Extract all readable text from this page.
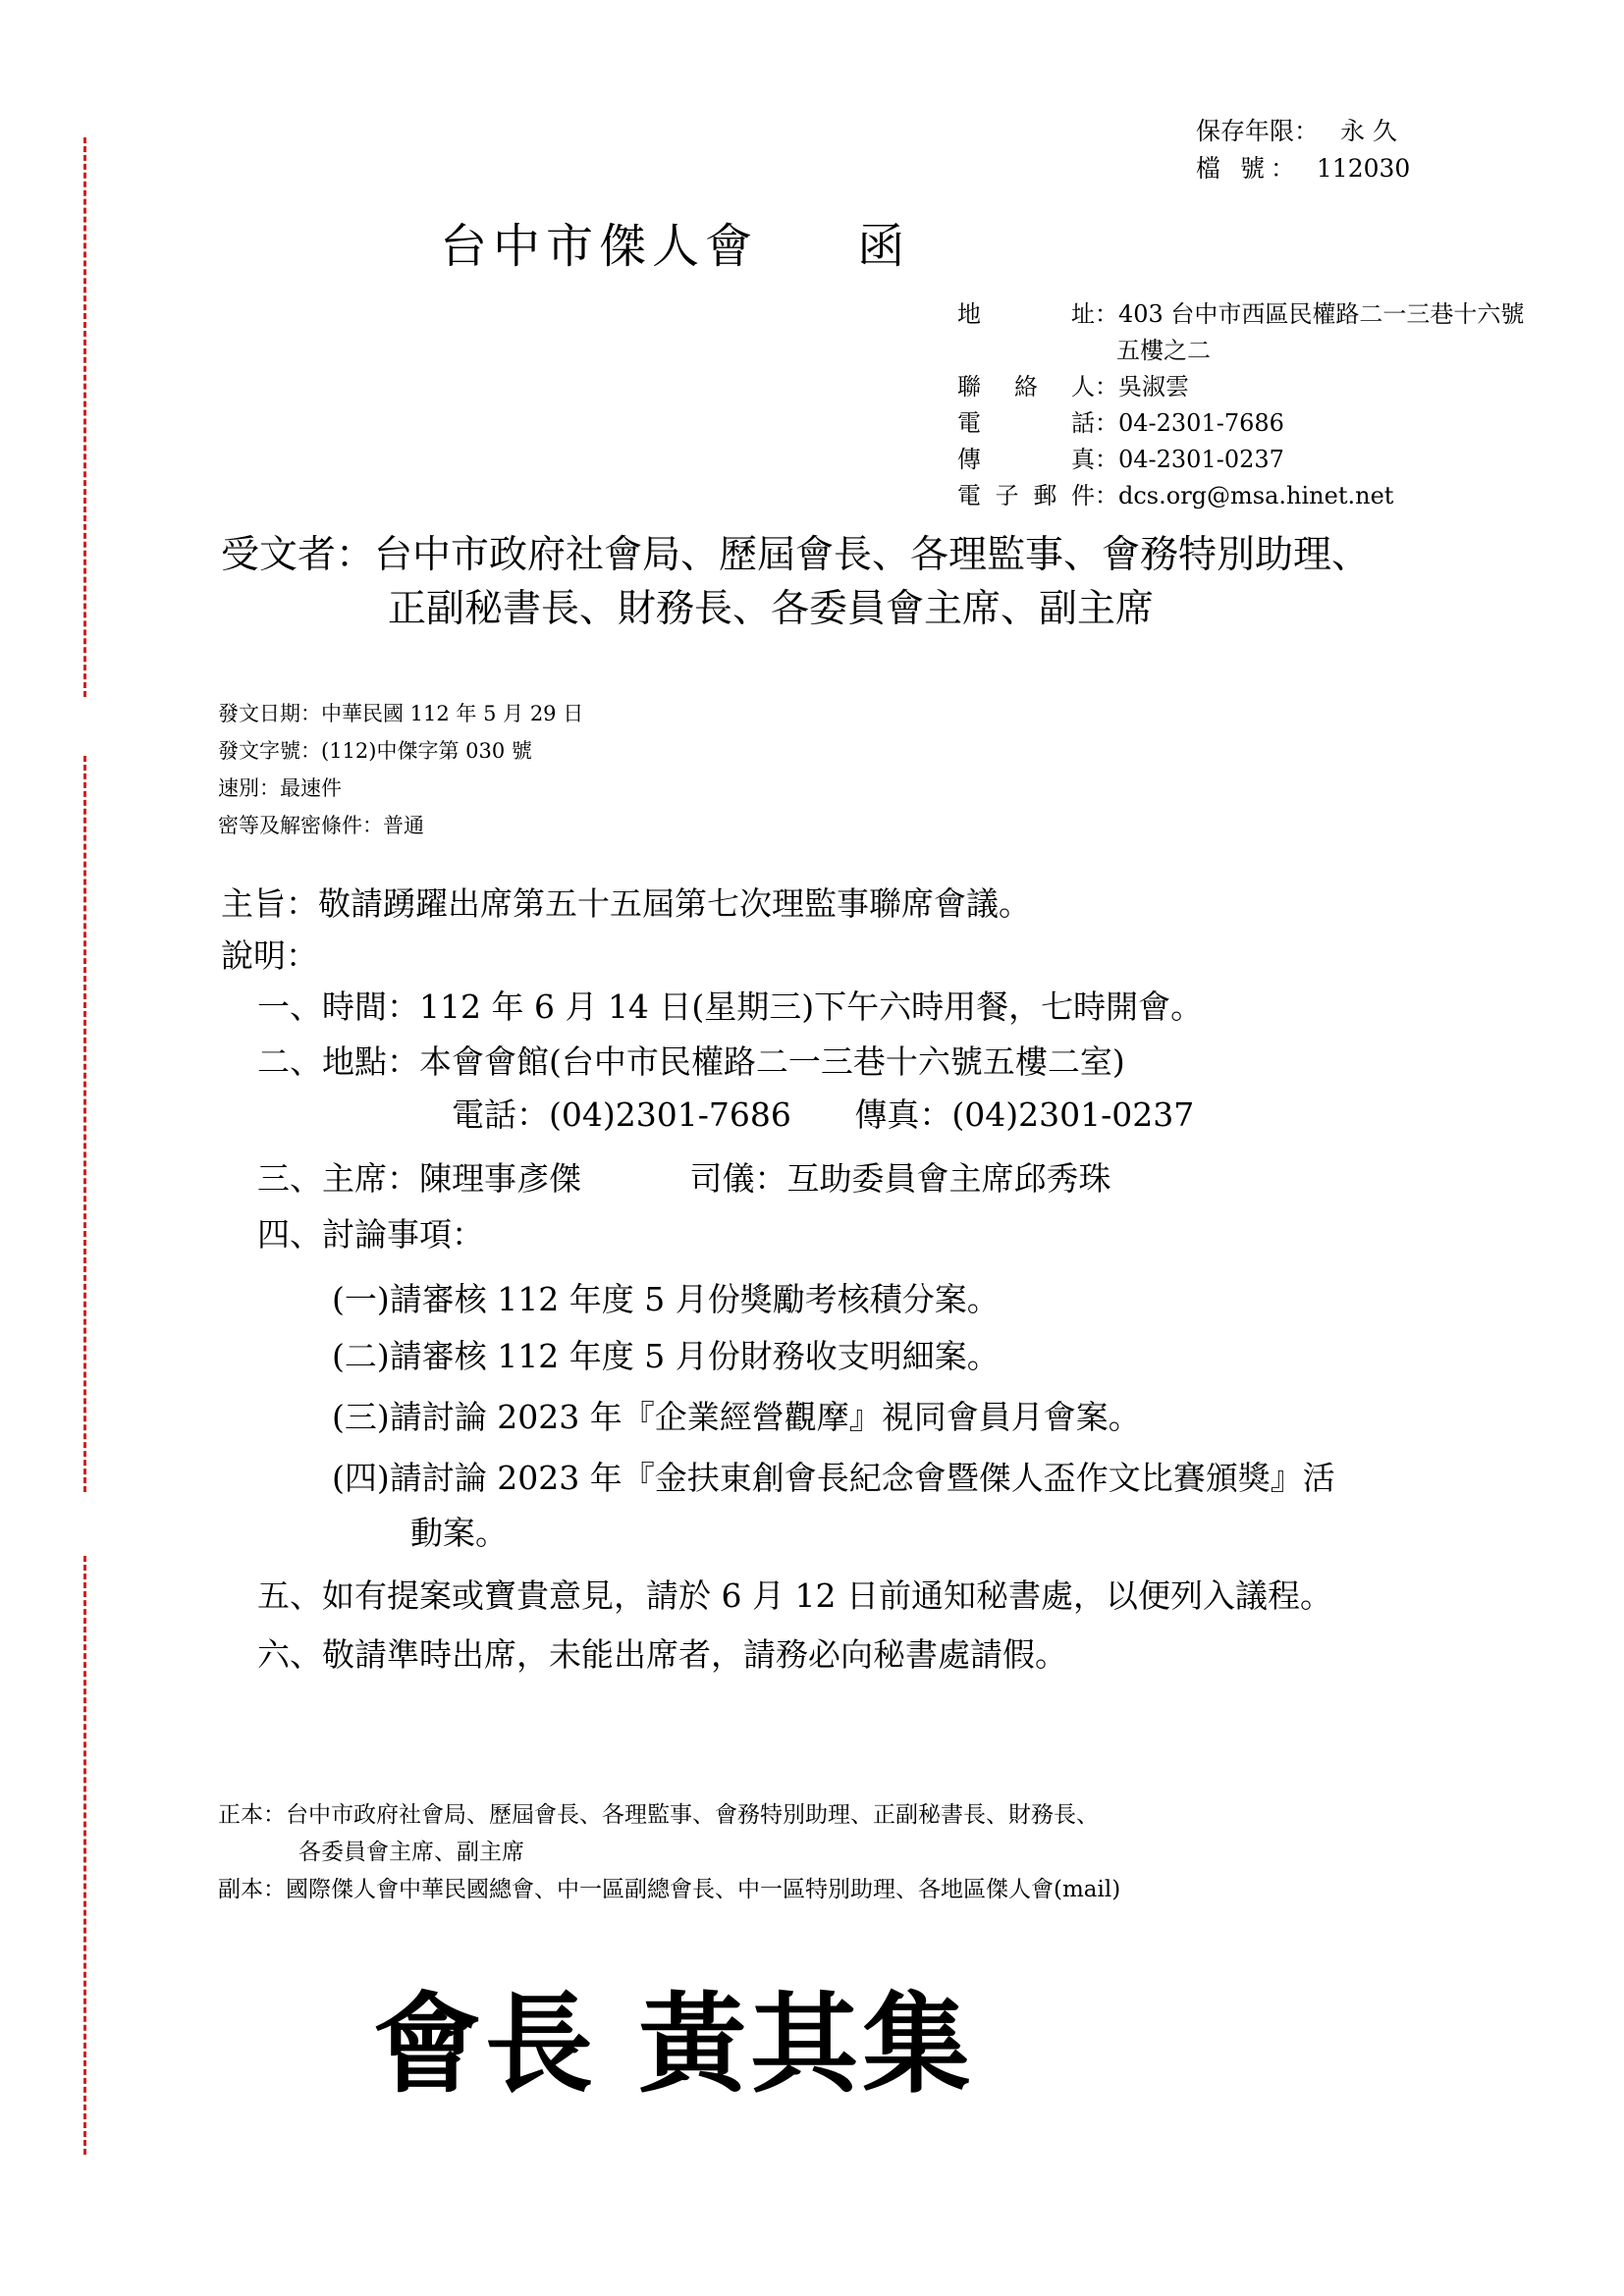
保存年限： 永 久
檔 號： 112030
台中市傑人會 函
地 址：403 台中市西區民權路二一三巷十六號
五樓之二
聯 絡 人：吳淑雲
電 話：04-2301-7686
傳 真：04-2301-0237
電子郵件：dcs.org@msa.hinet.net
受文者：台中市政府社會局、歷屆會長、各理監事、會務特別助理、
正副秘書長、財務長、各委員會主席、副主席
發文日期：中華民國 112 年 5 月 29 日
發文字號：(112)中傑字第 030 號
速別：最速件
密等及解密條件：普通
主旨：敬請踴躍出席第五十五屆第七次理監事聯席會議。
說明：
一、時間：112 年 6 月 14 日(星期三)下午六時用餐，七時開會。
二、地點：本會會館(台中市民權路二一三巷十六號五樓二室)
電話：(04)2301-7686 傳真：(04)2301-0237
三、主席：陳理事彥傑	司儀：互助委員會主席邱秀珠
四、討論事項：
(一)請審核 112 年度 5 月份獎勵考核積分案。
(二)請審核 112 年度 5 月份財務收支明細案。
(三)請討論 2023 年『企業經營觀摩』視同會員月會案。
(四)請討論 2023 年『金扶東創會長紀念會暨傑人盃作文比賽頒獎』活
動案。
五、如有提案或寶貴意見，請於 6 月 12 日前通知秘書處，以便列入議程。
六、敬請準時出席，未能出席者，請務必向秘書處請假。
正本：台中市政府社會局、歷屆會長、各理監事、會務特別助理、正副秘書長、財務長、
各委員會主席、副主席
副本：國際傑人會中華民國總會、中一區副總會長、中一區特別助理、各地區傑人會(mail)
會長 黃其集
